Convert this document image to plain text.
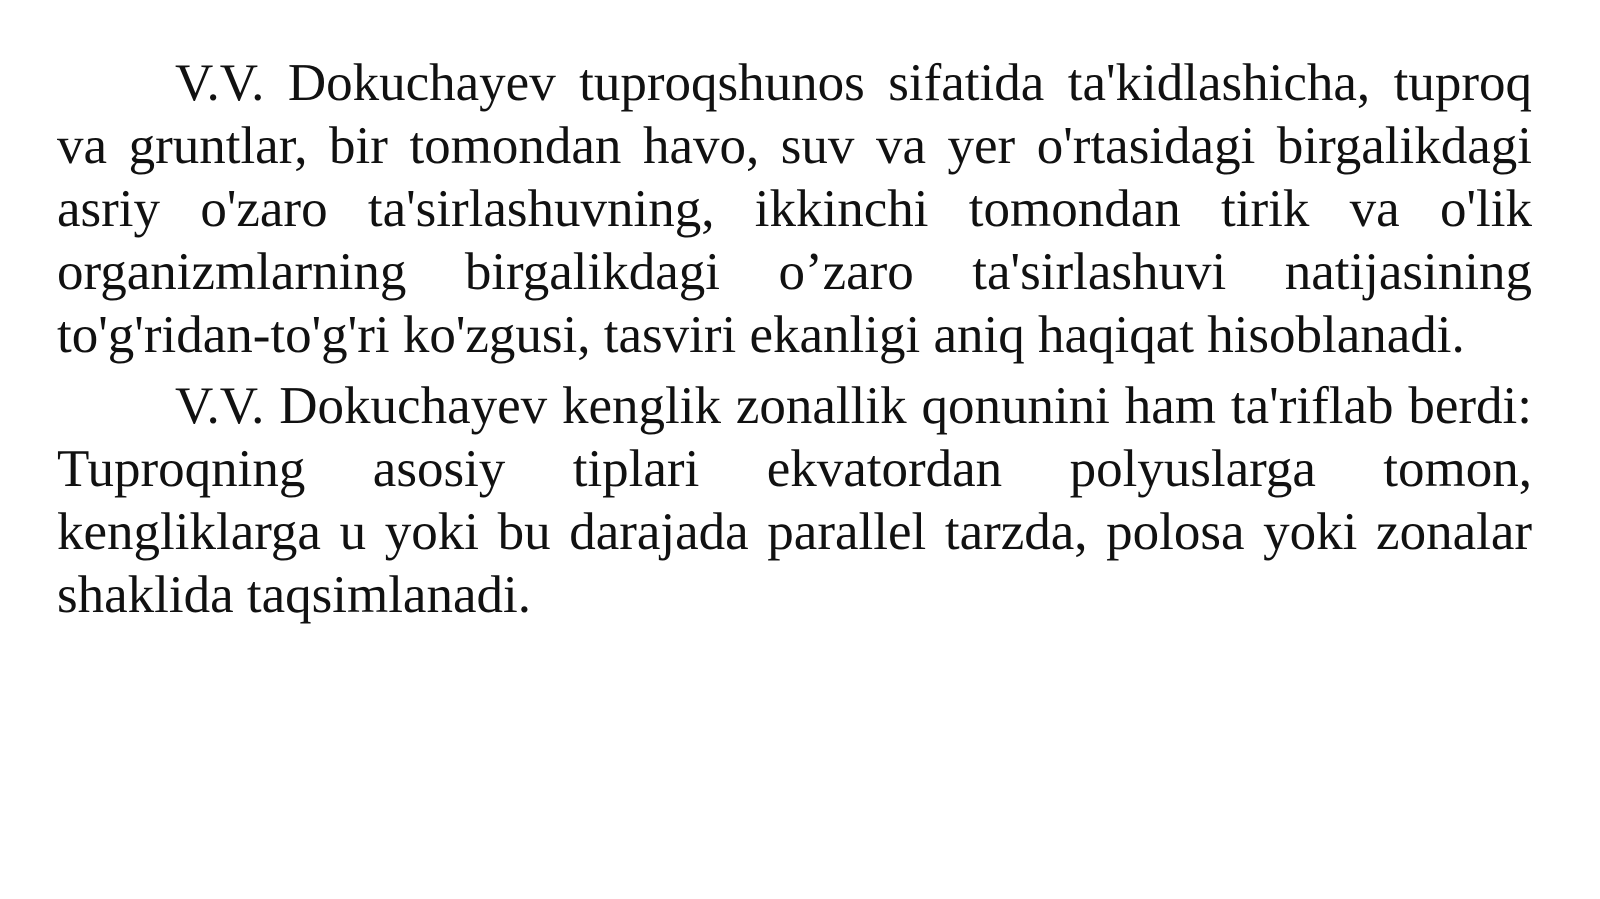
V.V. Dokuchayev tuproqshunos sifatida ta'kidlashicha, tuproq va gruntlar, bir tomondan havo, suv va yer o'rtasidagi birgalikdagi asriy o'zaro ta'sirlashuvning, ikkinchi tomondan tirik va o'lik organizmlarning birgalikdagi o’zaro ta'sirlashuvi natijasining to'g'ridan-to'g'ri ko'zgusi, tasviri ekanligi aniq haqiqat hisoblanadi.

V.V. Dokuchayev kenglik zonallik qonunini ham ta'riflab berdi: Tuproqning asosiy tiplari ekvatordan polyuslarga tomon, kengliklarga u yoki bu darajada parallel tarzda, polosa yoki zonalar shaklida taqsimlanadi.
